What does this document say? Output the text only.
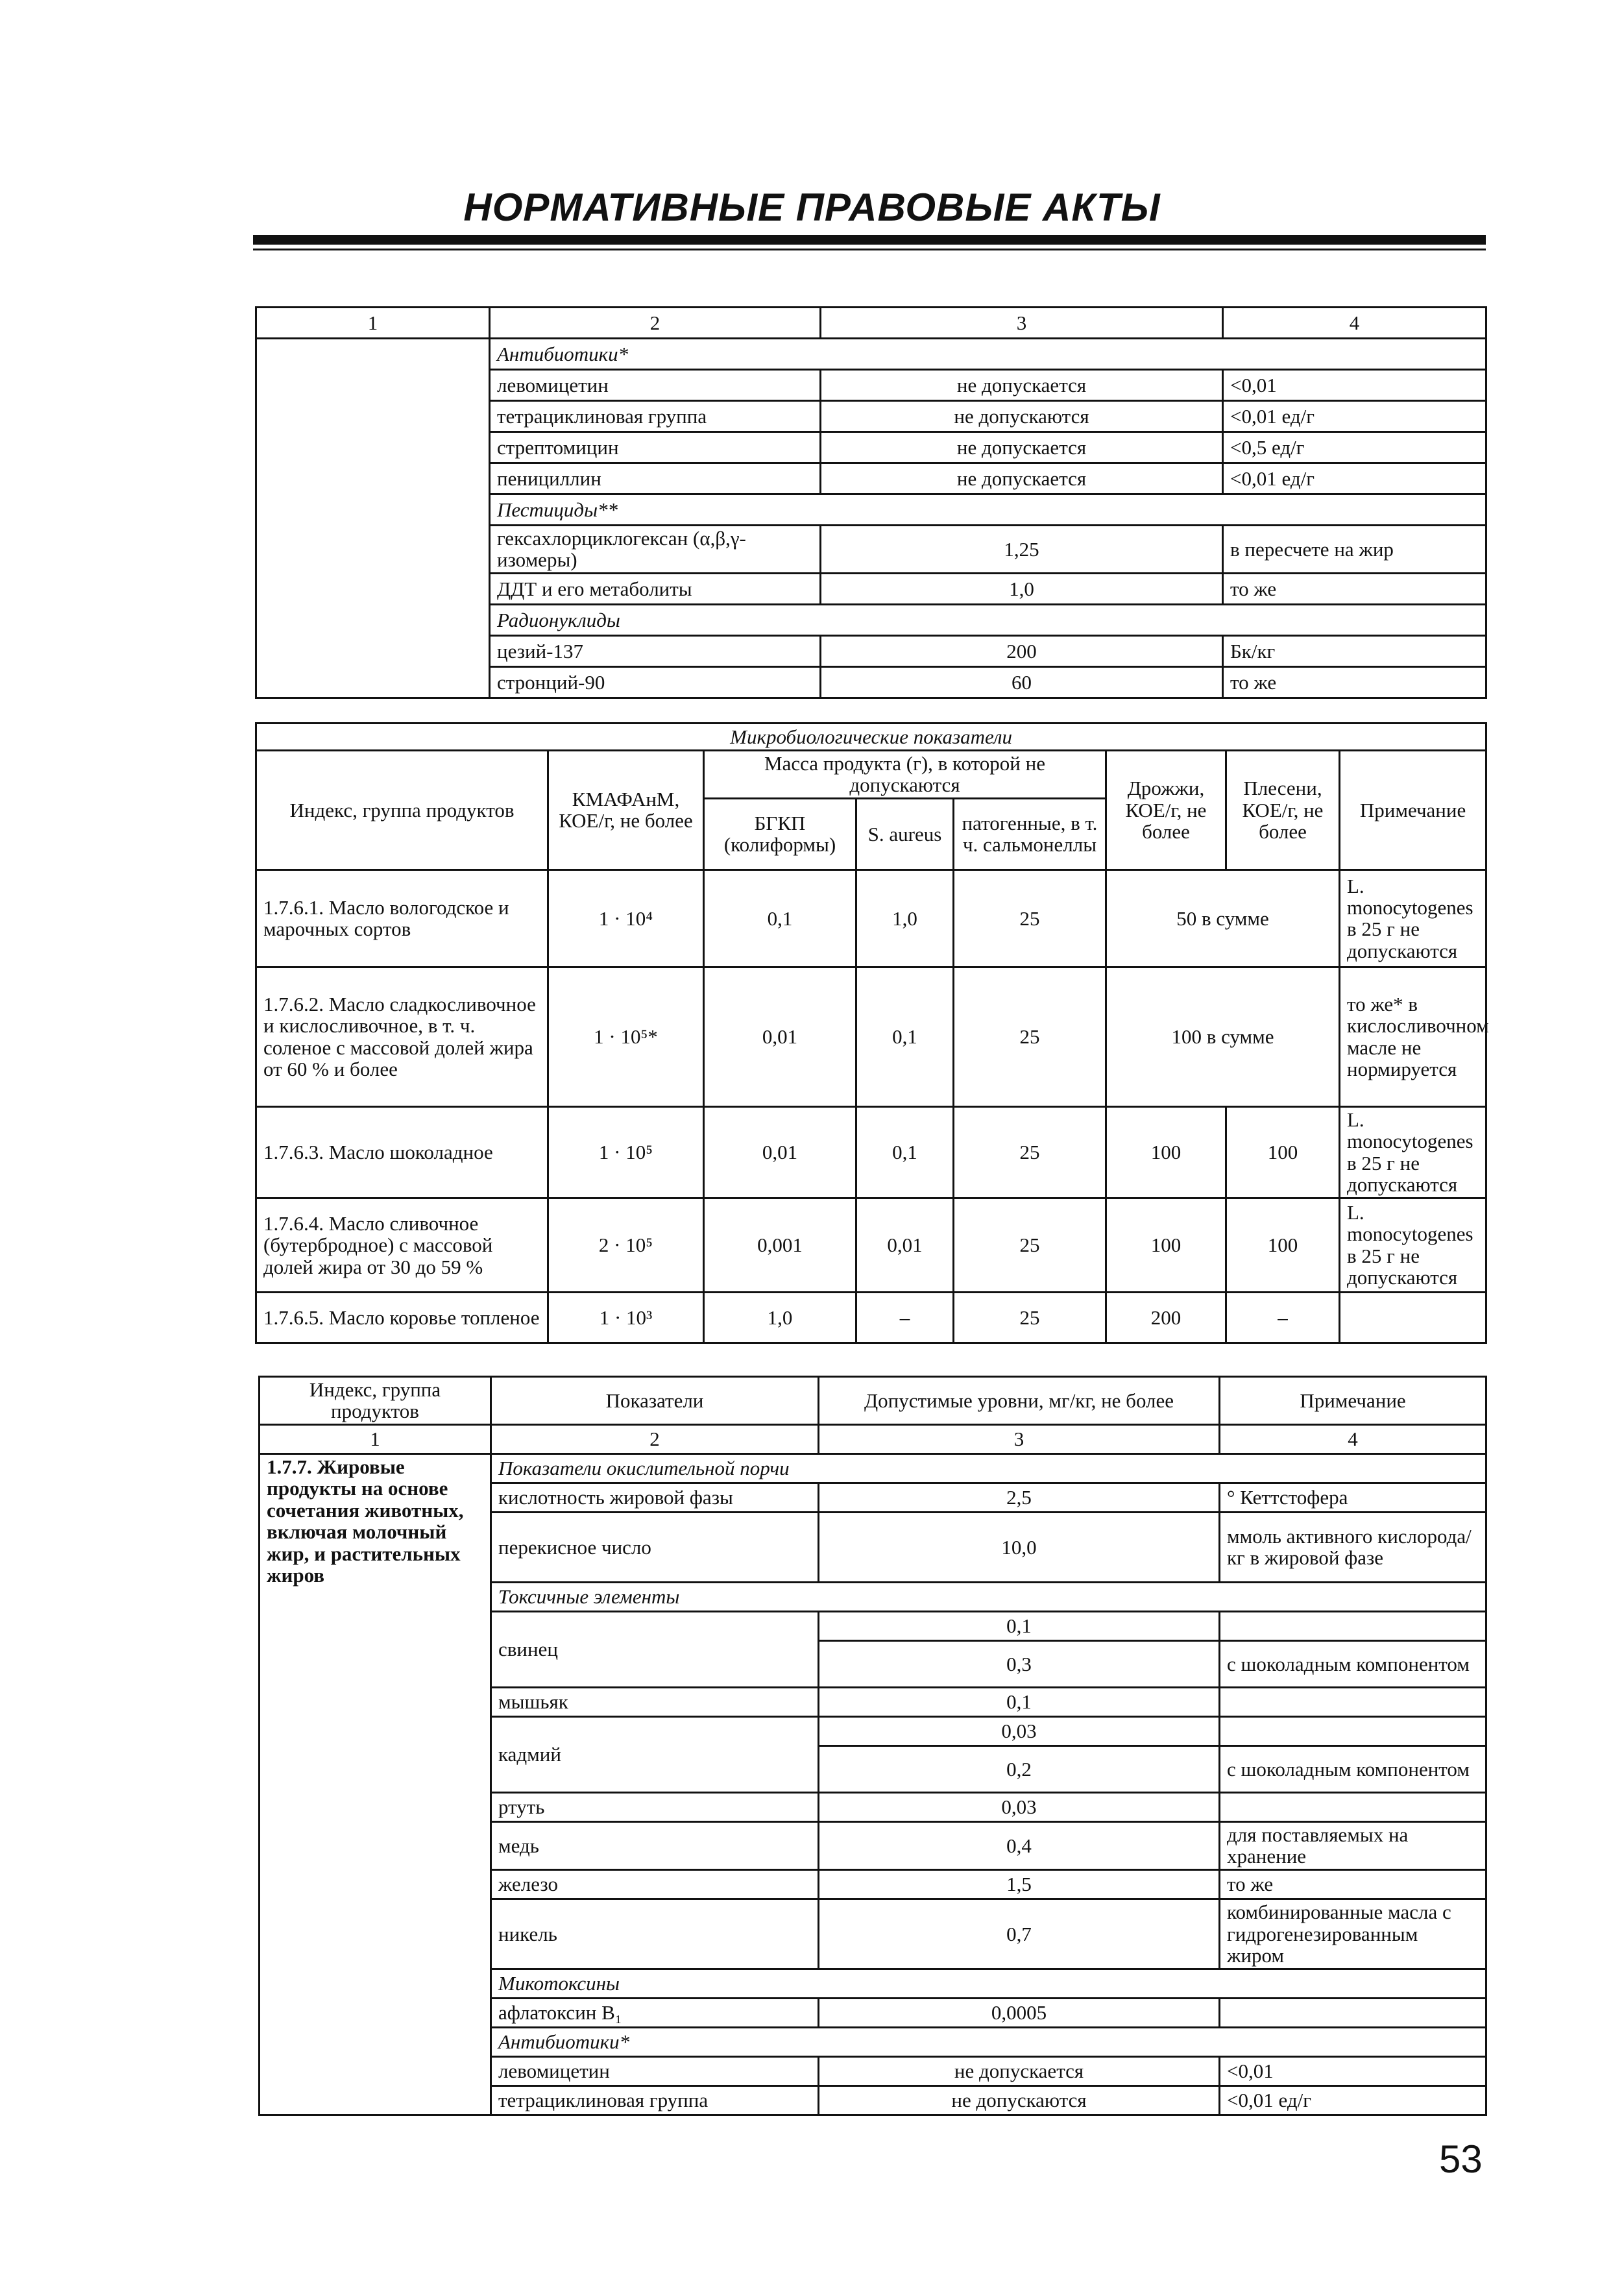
НОРМАТИВНЫЕ ПРАВОВЫЕ АКТЫ
1	2	3	4
	Антибиотики*		
	левомицетин	не допускается	<0,01
	тетрациклиновая группа	не допускаются	<0,01 ед/г
	стрептомицин	не допускается	<0,5 ед/г
	пенициллин	не допускается	<0,01 ед/г
	Пестициды**		
	гексахлорциклогексан (α,β,γ-изомеры)	1,25	в пересчете на жир
	ДДТ и его метаболиты	1,0	то же
	Радионуклиды		
	цезий-137	200	Бк/кг
	стронций-90	60	то же
Микробиологические показатели							
Индекс, группа продуктов	КМАФАнМ, КОЕ/г, не более	Масса продукта (г), в которой не допускаются			Дрожжи, КОЕ/г, не более	Плесени, КОЕ/г, не более	Примечание
		БГКП (колиформы)	S. aureus	патогенные, в т. ч. сальмонеллы			
1.7.6.1. Масло вологодское и марочных сортов	1 · 10⁴	0,1	1,0	25	50 в сумме		L. monocytogenes в 25 г не допускаются
1.7.6.2. Масло сладкосливочное и кислосливочное, в т. ч. соленое с массовой долей жира от 60 % и более	1 · 10⁵*	0,01	0,1	25	100 в сумме		то же* в кислосливочном масле не нормируется
1.7.6.3. Масло шоколадное	1 · 10⁵	0,01	0,1	25	100	100	L. monocytogenes в 25 г не допускаются
1.7.6.4. Масло сливочное (бутербродное) с массовой долей жира от 30 до 59 %	2 · 10⁵	0,001	0,01	25	100	100	L. monocytogenes в 25 г не допускаются
1.7.6.5. Масло коровье топленое	1 · 10³	1,0	–	25	200	–	
Индекс, группа продуктов	Показатели	Допустимые уровни, мг/кг, не более	Примечание
1	2	3	4
1.7.7. Жировые продукты на основе сочетания животных, включая молочный жир, и растительных жиров	Показатели окислительной порчи		
	кислотность жировой фазы	2,5	° Кеттстофера
	перекисное число	10,0	ммоль активного кислорода/кг в жировой фазе
	Токсичные элементы		
	свинец	0,1	
		0,3	с шоколадным компонентом
	мышьяк	0,1	
	кадмий	0,03	
		0,2	с шоколадным компонентом
	ртуть	0,03	
	медь	0,4	для поставляемых на хранение
	железо	1,5	то же
	никель	0,7	комбинированные масла с гидрогенезированным жиром
	Микотоксины		
	афлатоксин B₁	0,0005	
	Антибиотики*		
	левомицетин	не допускается	<0,01
	тетрациклиновая группа	не допускаются	<0,01 ед/г
53
